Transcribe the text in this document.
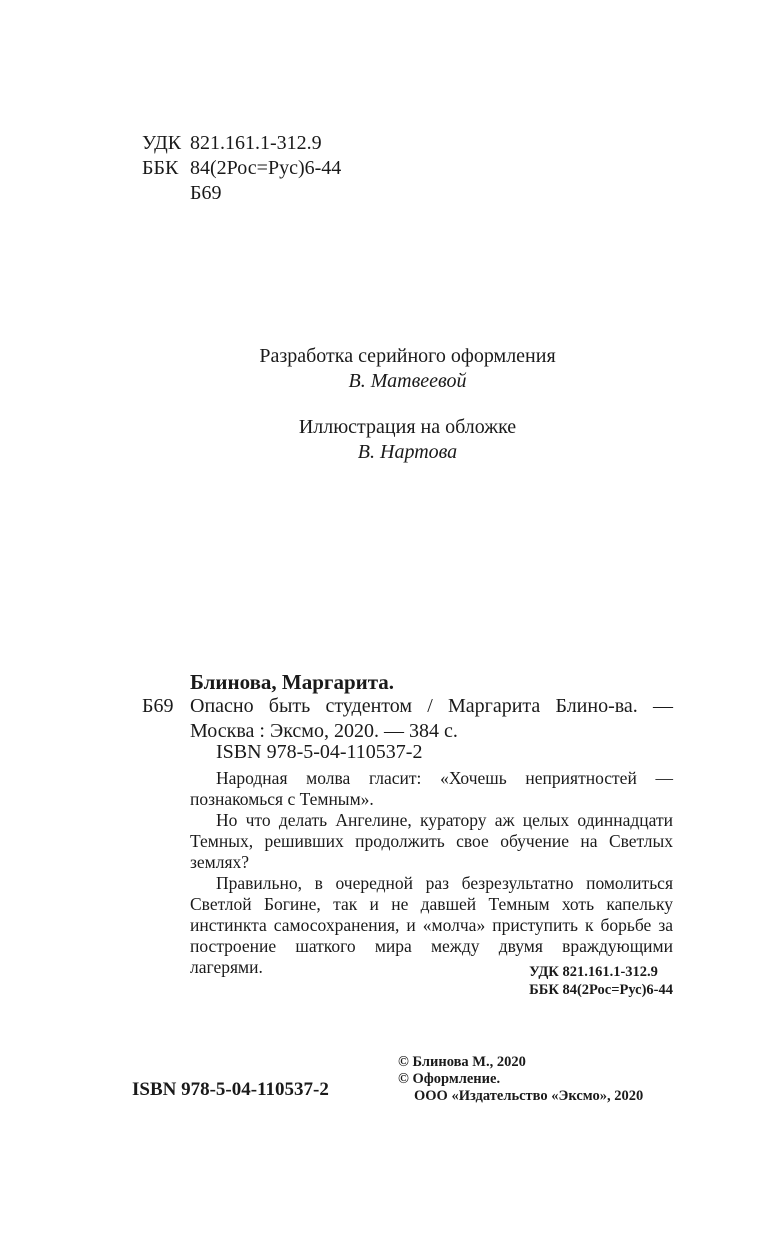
УДК 821.161.1-312.9
ББК 84(2Рос=Рус)6-44
Б69
Разработка серийного оформления
В. Матвеевой
Иллюстрация на обложке
В. Нартова
Блинова, Маргарита.
Б69 Опасно быть студентом / Маргарита Блино-ва. — Москва : Эксмо, 2020. — 384 с.
ISBN 978-5-04-110537-2

Народная молва гласит: «Хочешь неприятностей — познакомься с Темным».

Но что делать Ангелине, куратору аж целых одиннадцати Темных, решивших продолжить свое обучение на Светлых землях?

Правильно, в очередной раз безрезультатно помолиться Светлой Богине, так и не давшей Темным хоть капельку инстинкта самосохранения, и «молча» приступить к борьбе за построение шаткого мира между двумя враждующими лагерями.	УДК 821.161.1-312.9
ББК 84(2Рос=Рус)6-44
ISBN 978-5-04-110537-2
© Блинова М., 2020
© Оформление.
ООО «Издательство «Эксмо», 2020
